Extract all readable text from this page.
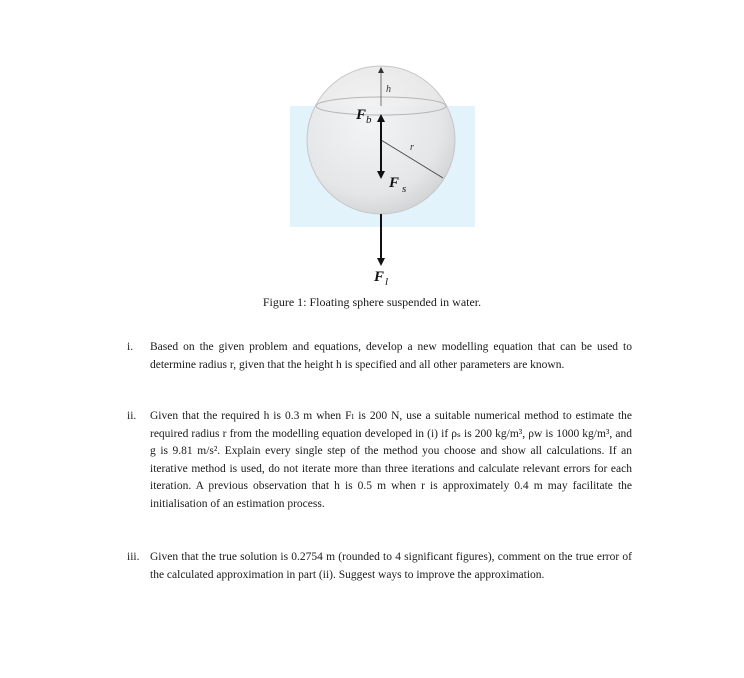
h
r
$F_b$
F $_s$
$F_l$
Figure 1: Floating sphere suspended in water.
i. Based on the given problem and equations, develop a new modelling equation that can be used to determine radius r, given that the height h is specified and all other parameters are known.
ii. Given that the required h is 0.3 m when Fₗ is 200 N, use a suitable numerical method to estimate the required radius r from the modelling equation developed in (i) if ρₛ is 200 kg/m³, ρw is 1000 kg/m³, and g is 9.81 m/s². Explain every single step of the method you choose and show all calculations. If an iterative method is used, do not iterate more than three iterations and calculate relevant errors for each iteration. A previous observation that h is 0.5 m when r is approximately 0.4 m may facilitate the initialisation of an estimation process.
iii. Given that the true solution is 0.2754 m (rounded to 4 significant figures), comment on the true error of the calculated approximation in part (ii). Suggest ways to improve the approximation.
